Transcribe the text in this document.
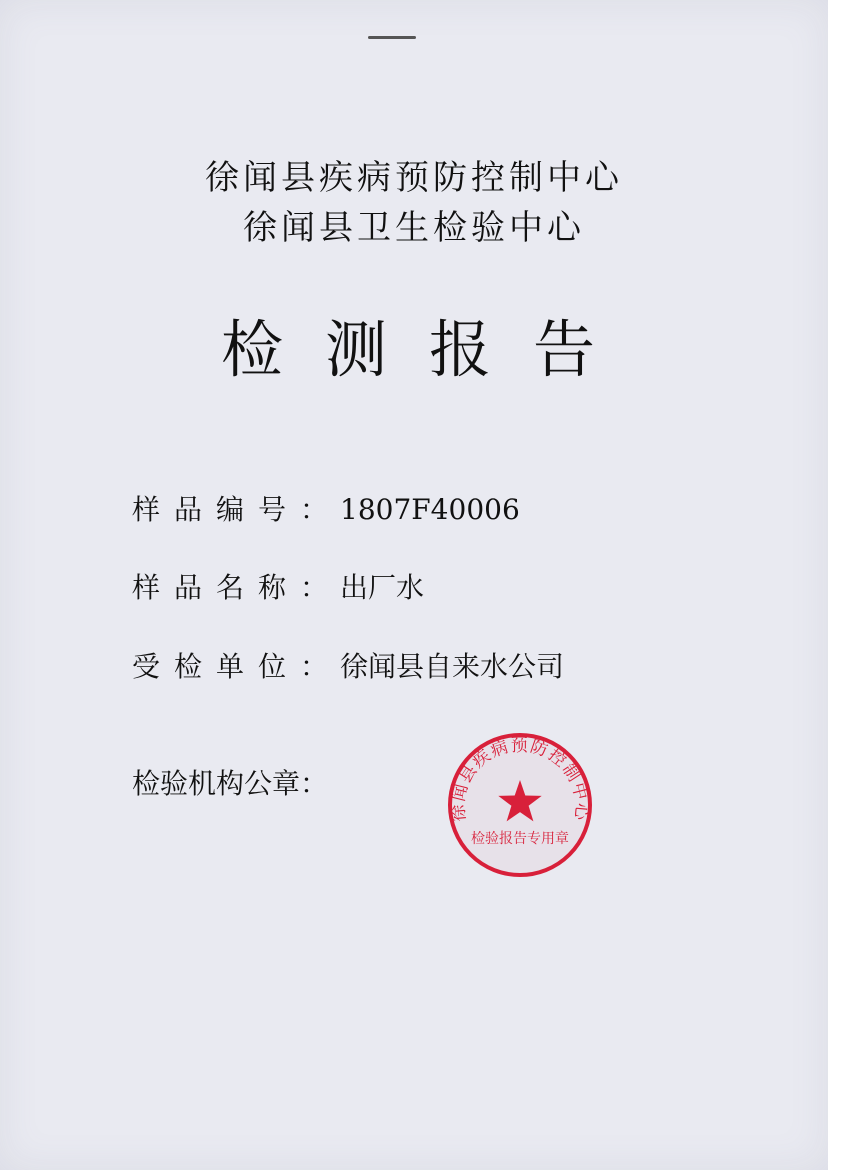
徐闻县疾病预防控制中心
徐闻县卫生检验中心
检测报告
样品编号：1807F40006
样品名称：出厂水
受检单位：徐闻县自来水公司
检验机构公章：
徐闻县疾病预防控制中心
检验报告专用章
